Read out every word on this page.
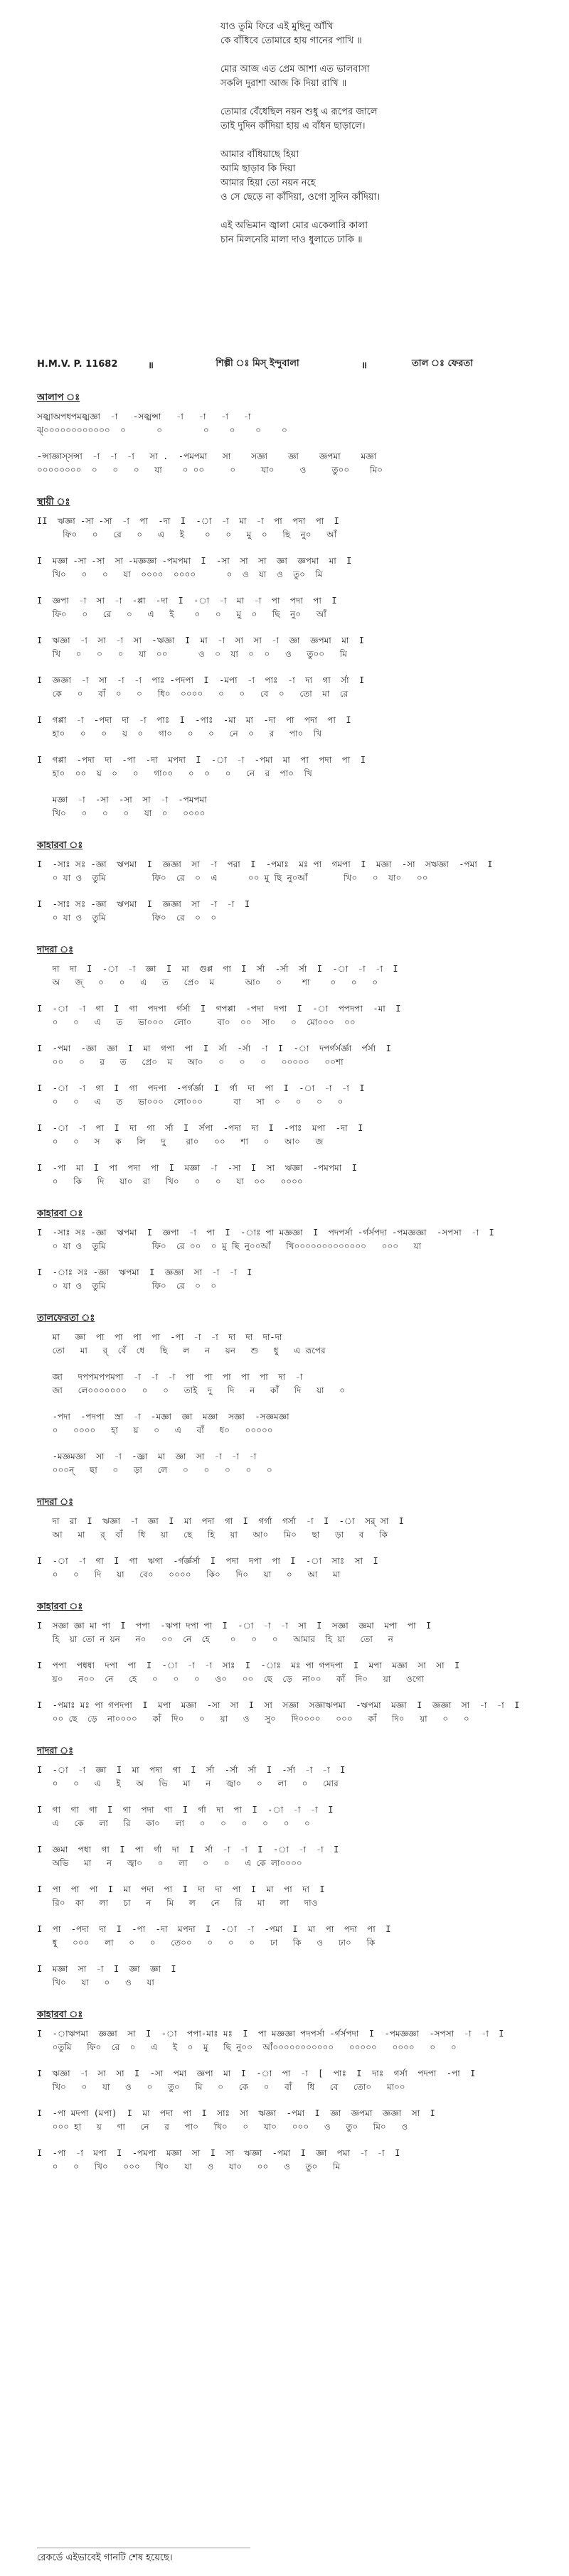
যাও তুমি ফিরে এই মুছিনু আঁখি
কে বাঁধিবে তোমারে হায় গানের পাখি ॥
মোর আজ এত প্রেম আশা এত ভালবাসা
সকলি দুরাশা আজ কি দিয়া রাখি ॥
তোমার বেঁধেছিল নয়ন শুধু এ রূপের জালে
তাই দুদিন কাঁদিয়া হায় এ বাঁধন ছাড়ালে।
আমার বাঁধিয়াছে হিয়া
আমি ছাড়াব কি দিয়া
আমার হিয়া তো নয়ন নহে
ও সে ছেড়ে না কাঁদিয়া, ওগো সুদিন কাঁদিয়া।
এই অভিমান জ্বালা মোর একেলারি কালা
চান মিলনেরি মালা দাও ধুলাতে ঢাকি ॥
H.M.V. P. 11682	॥	শিল্পী ঃ মিস্ ইন্দুবালা	॥	তাল ঃ ফেরতা
আলাপ ঃ
সজ্ঝাঅপধপমজ্ঝজ্ঞা  -া   -সজ্ঝন্সা   -া   -া   -া   -া
ঝ্০০০০০০০০০০০০  ০      ০        ০    ০    ০    ০
-ন্সাজ্ঞাস্সন্সা  -া  -া  -া   সা .  -পমপমা   সা    সজ্ঞা    জ্ঞা    জ্ঞপমা    মজ্ঞা
০০০০০০০০  ০   ০   ০   যা    ০ ০০     ০     যা০     ও     তু০০    মি০
স্থায়ী ঃ
II  ঋজ্ঞা -সা -সা  -া  পা  -দা  I  -া  -া  মা  -া  পা  পদা  পা  I
ফি০   ০   রে   ০   এ   ই    ০   ০   মু  ০   ছি  নু০   আঁ
I  মজ্ঞা -সা -সা  সা -মজ্ঞজ্ঞা -পমপমা  I  -সা  সা  সা  জ্ঞা  জ্ঞপমা  মা  I
খি০   ০   ০   যা  ০০০০  ০০০০      ০  ও  যা  ও  তু০  মি
I  জ্ঞপা  -া  সা  -া  -প্পা  -দা  I  -া  -া  মা  -া  পা  পদা  পা  I
ফি০   ০   রে   ০   এ   ই    ০   ০   মু  ০   ছি  নু০   আঁ
I  ঋজ্ঞা  -া  সা  -া  সা  -ঋজ্ঞা  I  মা  -া  সা  সা  -া  জ্ঞা  জ্ঞপমা  মা  I
খি   ০   ০   ০   যা  ০০      ও  ০  যা  ০  ০   ও   তু০০   মি
I  জ্ঞজ্ঞা  -া  সা  -া  -া  পাঃ -পদপা  I  -মপা  -া  পাঃ  -া  দা  গা  র্সা  I
কে   ০   বাঁ  ০   ০   ধি০  ০০০০   ০   ০   বে  ০   তো  মা  রে
I  গপ্পা  -া  -পদা  দা  -া  পাঃ  I  -পাঃ  -মা  মা  -দা  পা  পদা  পা  I
হা০   ০   ০   য়  ০   গা০   ০   ০   নে  ০   র   পা০  খি
I  গপ্পা  -পদা  দা  -পা  -দা  মপদা  I  -া  -া  -পমা  মা  পা  পদা  পা  I
হা০  ০০  য়  ০   ০   গা০০   ০  ০   ০   নে  র  পা০  খি
মজ্ঞা  -া  -সা  -সা  সা  -া  -পমপমা
খি০   ০   ০   ০   যা  ০   ০০০০
কাহারবা ঃ
I  -সাঃ সঃ -জ্ঞা  ঋপমা  I  জ্ঞজ্ঞা  সা  -া  পরা  I  -পমাঃ  মঃ পা  গমপা  I  মজ্ঞা  -সা  সঋজ্ঞা  -পমা  I
০ যা ও  তুমি         ফি০  রে  ০  এ      ০০ মু ছি নু০আঁ       খি০   ০  যা০   ০০
I  -সাঃ সঃ -জ্ঞা  ঋপমা  I  জ্ঞজ্ঞা  সা  -া  -া  I
০ যা ও  তুমি         ফি০  রে  ০  ০
দাদরা ঃ
দা  দা  I  -া  -া  জ্ঞা  I  মা  গুপ্প  গা  I  র্সা  -র্সা  র্সা  I  -া  -া  -া  I
অ   জ্   ০   ০   এ   ত   প্রে০  ম      আ০   ০    শা    ০   ০   ০
I  -া  -া  গা  I  গা  পদপা  র্গর্সা  I  গপপ্পা  -পদা  দপা  I  -া  পপদপা  -মা  I
০   ০   এ   ত   ভা০০০  লো০     বা০  ০০  সা০   ০  মো০০০  ০০
I  -পমা  -জ্ঞা  জ্ঞা  I  মা  গপা  পা  I  র্সা  -র্সা  -া  I  -া  দপর্গর্সর্জ্ঞা  র্পর্সা  I
০০   ০   র   ত   প্রে০  ম   আ০   ০   ০   ০   ০০০০০   ০০শা
I  -া  -া  গা  I  গা  পদপা  -পর্গর্জ্ঞা  I  র্গা  দা  পা  I  -া  -া  -া  I
০   ০   এ   ত   ভা০০০  লো০০০      বা   সা  ০   ০   ০   ০
I  -া  -া  পা  I  দা  গা  র্সা  I  র্সপা  -পদা  দা  I  -পাঃ  মপা  -দা  I
০   ০   স   ক   লি   দু    রা০   ০০   শা   ০   আ০   জ
I  -পা  মা  I  পা  পদা  পা  I  মজ্ঞা  -া  -সা  I  সা  ঋজ্ঞা  -পমপমা  I
০   কি   দি   য়া০  রা   খি০   ০   ০   যা  ০০   ০০০০
কাহারবা ঃ
I  -সাঃ সঃ -জ্ঞা  ঋপমা  I  জ্ঞপা  -া  পা  I  -াঃ পা মজ্ঞজ্ঞা  I  পদপর্সা -র্গর্সপদা -পমজ্ঞজ্ঞা  -সপসা  -া  I
০ যা ও  তুমি         ফি০  রে ০০  ০ মু ছি নু০০আঁ   খি০০০০০০০০০০০০০   ০০০   যা
I  -াঃ সঃ -জ্ঞা  ঋপমা  I  জ্ঞজ্ঞা  সা  -া  -া  I
০ যা ও  তুমি         ফি০  রে  ০  ০
তালফেরতা ঃ
মা   জ্ঞা  পা  পা  পা  পা  -পা  -া  -া  দা  দা  দা-দা
তো   মা   র্  বেঁ  ধে   ছি   ল   ন   য়ন   শু   ধু   এ রূপের
জা   দপপমপপমপা  -া  -া  -া  পা  পা  পা  পা  পা  দা  -া
জা   লে০০০০০০০   ০   ০   তাই  দু   দি   ন   কাঁ   দি   য়া   ০
-পদা  -পদপা  স্রা  -া  -মজ্ঞা  জ্ঞা  মজ্ঞা  সজ্ঞা  -সজ্ঞমজ্ঞা
০   ০০০০   হা   য়   ০   এ   বাঁ   ধ০   ০০০০০
-মজ্ঞমজ্ঞা  সা  -া  -জ্ঞ্র্রা  মা  জ্ঞা  সা  -া  -া  -া
০০০ন্   ছা   ০   ড়া   লে   ০   ০   ০   ০   ০
দাদরা ঃ
দা  রা  I  ঋজ্ঞা  -া  জ্ঞা  I  মা  পদা  গা  I  গর্গা  গর্সা  -া  I  -া  সর্ সা  I
আ   মা   র্  বাঁ   ধি   য়া   ছে   হি   য়া   আ০   মি০   ছা   ড়া   ব   কি
I  -া  -া  গা  I  গা  ঋগা  -র্গর্জ্ঞর্সা  I  পদা  দপা  পা  I  -া  সাঃ  সা  I
০   ০   দি   য়া   বে০   ০০০০   কি০   দি০   য়া   ০   আ   মা
কাহারবা ঃ
I  সজ্ঞা জ্ঞা মা পা  I  পপা  -ঋপা দপা পা  I  -া  -া  -া  সা  I  সজ্ঞা  জ্ঞমা  মপা  পা  I
হি  য়া তো ন য়ন   ন০   ০০  নে  হে    ০   ০   ০   আমার  হি য়া   তো   ন
I  পপা  পধধা  দপা  পা  I  -া  -া  -া  সাঃ  I  -াঃ  মঃ পা গপদপা  I  মপা  মজ্ঞা  সা  সা  I
য়০   ন০০  নে   হে   ০   ০   ০   ও০   ০০  ছে  ড়ে  না০০   কাঁ  দি০   য়া   ওগো
I  -পমাঃ মঃ পা গপদপা  I  মপা  মজ্ঞা  -সা  সা  I  সা  সজ্ঞা  সজ্ঞাঋপমা  -ঋপমা  মজ্ঞা  I  জ্ঞজ্ঞা  সা  -া  -া  I
০০ ছে  ড়ে  না০০০০   কাঁ  দি০   ০   য়া   ও   সু০   দি০০০০   ০০০   কাঁ   দি০   য়া   ০   ০
দাদরা ঃ
I  -া  -া  জ্ঞা  I  মা  পদা  গা  I  র্সা  -র্সা  র্সা  I  -র্সা  -া  -া  I
০   ০   এ   ই   অ   ভি   মা   ন   জ্বা০   ০   লা   ০   মোর
I  গা  গা  গা  I  গা  পদা  গা  I  র্গা  দা  পা  I  -া  -া  -া  I
এ   কে   লা   রি   কা০   লা   ০   ০   ০   ০   ০   ০
I  জ্ঞমা  পধা  গা  I  পা  র্গা  দা  I  র্সা  -া  -া  I  -া  -া  -া  I
অভি   মা   ন   জ্বা০   ০   লা   ০   ০   এ কে লা০০০০
I  পা  পা  পা  I  মা  পদা  পা  I  দা  দা  পা  I  মা  পা  দা  I
রি০  কা   লা   চা   ন   মি   ল   নে   রি   মা   লা   দাও
I  পা  -পদা  দা  I  -পা  -দা  মপদা  I  -া  -া  -পমা  I  মা  পা  পদা  পা  I
ধু   ০০০   লা   ০   ০   তে০০   ০   ০   ০   ঢা   কি   ও   ঢা০   কি
I  মজ্ঞা  সা  -া  I  জ্ঞা  জ্ঞা  I
খি০   যা   ০   ও   যা
কাহারবা ঃ
I  -াঋপমা  জ্ঞজ্ঞা  সা  I  -া  পপা-মাঃ মঃ  I  পা মজ্ঞজ্ঞা পদপর্সা -র্গর্সপদা  I  -পমজ্ঞজ্ঞা  -সপসা  -া  -া  I
০তুমি   ফি০  রে  ০   এ   ই  ০  মু   ছি নু০০  আঁ০০০০০০০০০০০   ০০০০০   ০০০০   ০   ০
I  ঋজ্ঞা  -া  সা  সা  I  -সা  পমা  জ্ঞপা  মা  I  -া  পা  -া  [  পাঃ  I  দাঃ  গর্সা  পদপা  -পা  I
খি০   ০   যা   ও   ০   তু০   মি   ০   কে   ০   বাঁ   ধি   বে   তো০   মা০০
I  -পা মদপা (মপা)  I  মা  পদা  পা  I  সাঃ  সা  ঋজ্ঞা  -পমা  I  জ্ঞা  জ্ঞপমা  জ্ঞজ্ঞা  সা  I
০০০ হা   য়   গা   নে   র   পা০   খি০   ০   যা০   ০০০   ও   তু০   মি০   ও
I  -পা  -া  মপা  I  -পমপা  মজ্ঞা  সা  I  সা  ঋজ্ঞা  -পমা  I  জ্ঞা  পমা  -া  -া  I
০   ০   খি০   ০০০   খি০   যা   ও   যা০   ০০   ও   তু০   মি
রেকর্ডে এইভাবেই গানটি শেষ হয়েছে।
